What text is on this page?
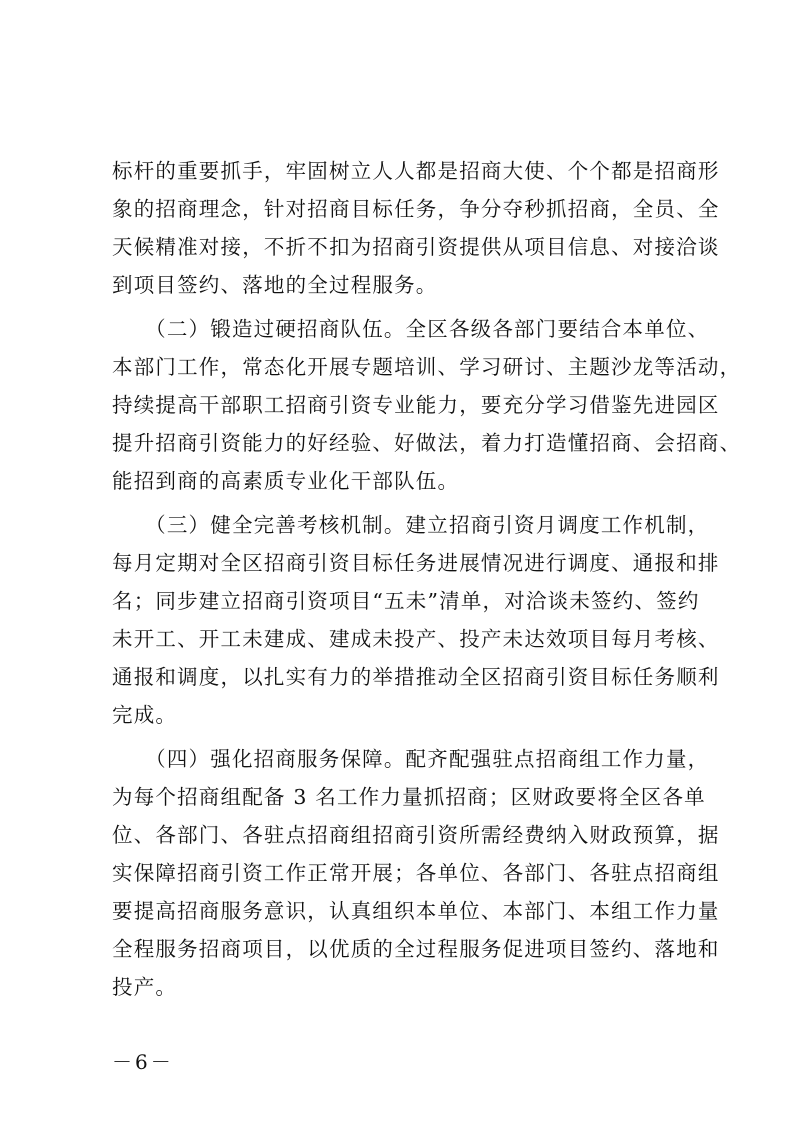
标杆的重要抓手，牢固树立人人都是招商大使、个个都是招商形
象的招商理念，针对招商目标任务，争分夺秒抓招商，全员、全
天候精准对接，不折不扣为招商引资提供从项目信息、对接洽谈
到项目签约、落地的全过程服务。

　　（二）锻造过硬招商队伍。全区各级各部门要结合本单位、
本部门工作，常态化开展专题培训、学习研讨、主题沙龙等活动，
持续提高干部职工招商引资专业能力，要充分学习借鉴先进园区
提升招商引资能力的好经验、好做法，着力打造懂招商、会招商、
能招到商的高素质专业化干部队伍。

　　（三）健全完善考核机制。建立招商引资月调度工作机制，
每月定期对全区招商引资目标任务进展情况进行调度、通报和排
名；同步建立招商引资项目“五未”清单，对洽谈未签约、签约
未开工、开工未建成、建成未投产、投产未达效项目每月考核、
通报和调度，以扎实有力的举措推动全区招商引资目标任务顺利
完成。

　　（四）强化招商服务保障。配齐配强驻点招商组工作力量，
为每个招商组配备 3 名工作力量抓招商；区财政要将全区各单
位、各部门、各驻点招商组招商引资所需经费纳入财政预算，据
实保障招商引资工作正常开展；各单位、各部门、各驻点招商组
要提高招商服务意识，认真组织本单位、本部门、本组工作力量
全程服务招商项目，以优质的全过程服务促进项目签约、落地和
投产。

－6－
